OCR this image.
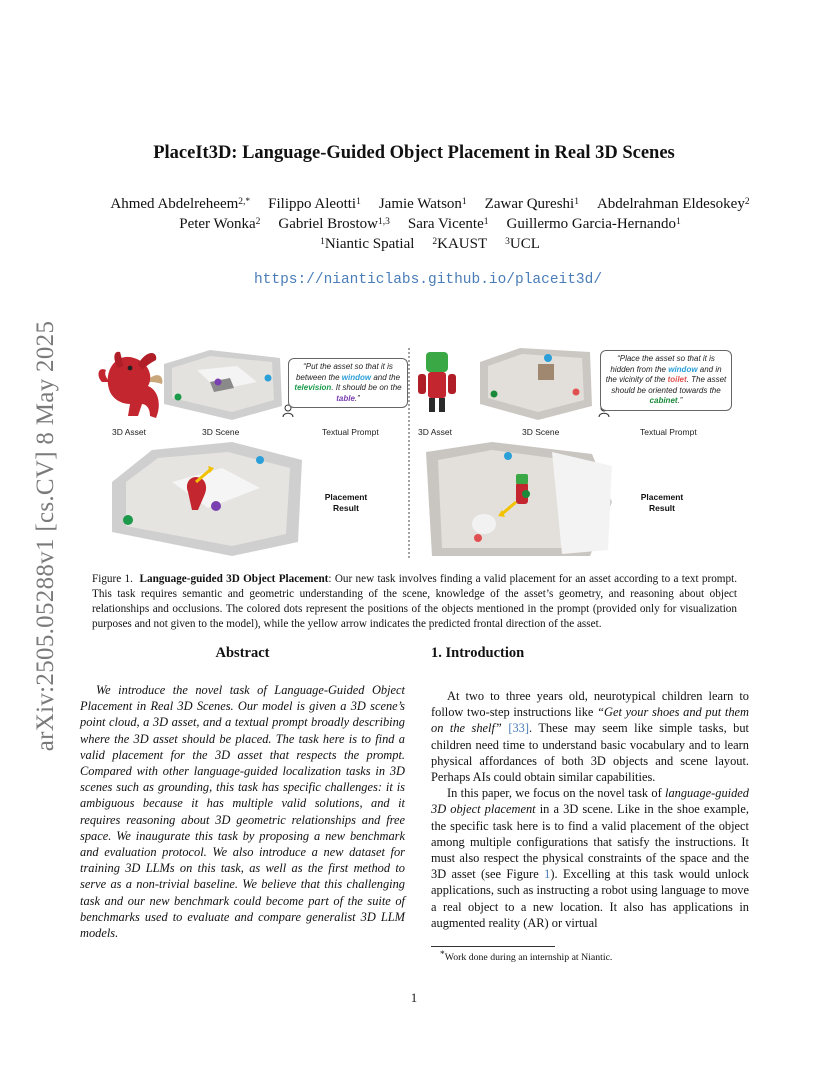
arXiv:2505.05288v1 [cs.CV] 8 May 2025
PlaceIt3D: Language-Guided Object Placement in Real 3D Scenes
Ahmed Abdelreheem$^{2,*}$ Filippo Aleotti$^1$ Jamie Watson$^1$ Zawar Qureshi$^1$ Abdelrahman Eldesokey$^2$
Peter Wonka$^2$ Gabriel Brostow$^{1,3}$ Sara Vicente$^1$ Guillermo Garcia-Hernando$^1$
$^1$Niantic Spatial $^2$KAUST $^3$UCL
https://nianticlabs.github.io/placeit3d/
3D Asset	3D Scene	Textual Prompt
“Put the asset so that it is between the window and the television. It should be on the table.”
Placement Result
3D Asset	3D Scene	Textual Prompt
“Place the asset so that it is hidden from the window and in the vicinity of the toilet. The asset should be oriented towards the cabinet.”
Placement Result
Figure 1. Language-guided 3D Object Placement: Our new task involves finding a valid placement for an asset according to a text prompt. This task requires semantic and geometric understanding of the scene, knowledge of the asset’s geometry, and reasoning about object relationships and occlusions. The colored dots represent the positions of the objects mentioned in the prompt (provided only for visualization purposes and not given to the model), while the yellow arrow indicates the predicted frontal direction of the asset.
Abstract

We introduce the novel task of Language-Guided Object Placement in Real 3D Scenes. Our model is given a 3D scene’s point cloud, a 3D asset, and a textual prompt broadly describing where the 3D asset should be placed. The task here is to find a valid placement for the 3D asset that respects the prompt. Compared with other language-guided localization tasks in 3D scenes such as grounding, this task has specific challenges: it is ambiguous because it has multiple valid solutions, and it requires reasoning about 3D geometric relationships and free space. We inaugurate this task by proposing a new benchmark and evaluation protocol. We also introduce a new dataset for training 3D LLMs on this task, as well as the first method to serve as a non-trivial baseline. We believe that this challenging task and our new benchmark could become part of the suite of benchmarks used to evaluate and compare generalist 3D LLM models.

1. Introduction

At two to three years old, neurotypical children learn to follow two-step instructions like “Get your shoes and put them on the shelf” [33]. These may seem like simple tasks, but children need time to understand basic vocabulary and to learn physical affordances of both 3D objects and scene layout. Perhaps AIs could obtain similar capabilities.

In this paper, we focus on the novel task of language-guided 3D object placement in a 3D scene. Like in the shoe example, the specific task here is to find a valid placement of the object among multiple configurations that satisfy the instructions. It must also respect the physical constraints of the space and the 3D asset (see Figure 1). Excelling at this task would unlock applications, such as instructing a robot using language to move a real object to a new location. It also has applications in augmented reality (AR) or virtual

*Work done during an internship at Niantic.
1
